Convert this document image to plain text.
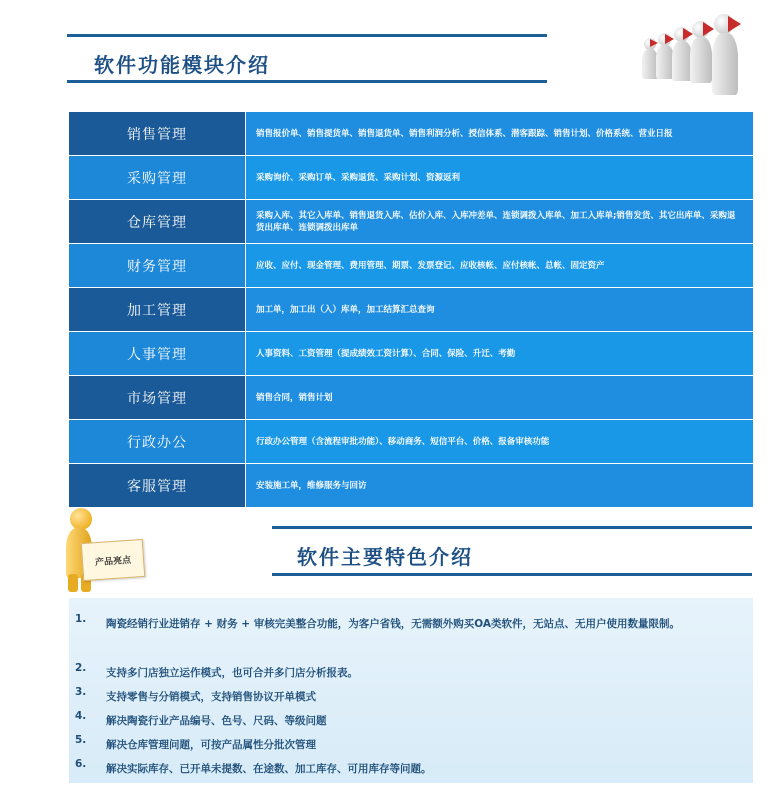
软件功能模块介绍
销售管理	销售报价单、销售提货单、销售退货单、销售利润分析、授信体系、潜客跟踪、销售计划、价格系统、营业日报
采购管理	采购询价、采购订单、采购退货、采购计划、资源返利
仓库管理	采购入库、其它入库单、销售退货入库、估价入库、入库冲差单、连锁调拨入库单、加工入库单;销售发货、其它出库单、采购退货出库单、连锁调拨出库单
财务管理	应收、应付、现金管理、费用管理、期票、发票登记、应收核帐、应付核帐、总帐、固定资产
加工管理	加工单，加工出（入）库单，加工结算汇总查询
人事管理	人事资料、工资管理（提成绩效工资计算）、合同、保险、升迁、考勤
市场管理	销售合同，销售计划
行政办公	行政办公管理（含流程审批功能）、移动商务、短信平台、价格、报备审核功能
客服管理	安装施工单，维修服务与回访
产品亮点	软件主要特色介绍
1.	陶瓷经销行业进销存 + 财务 + 审核完美整合功能，为客户省钱，无需额外购买OA类软件，无站点、无用户使用数量限制。
2.	支持多门店独立运作模式，也可合并多门店分析报表。
3.	支持零售与分销模式，支持销售协议开单模式
4.	解决陶瓷行业产品编号、色号、尺码、等级问题
5.	解决仓库管理问题，可按产品属性分批次管理
6.	解决实际库存、已开单未提数、在途数、加工库存、可用库存等问题。
